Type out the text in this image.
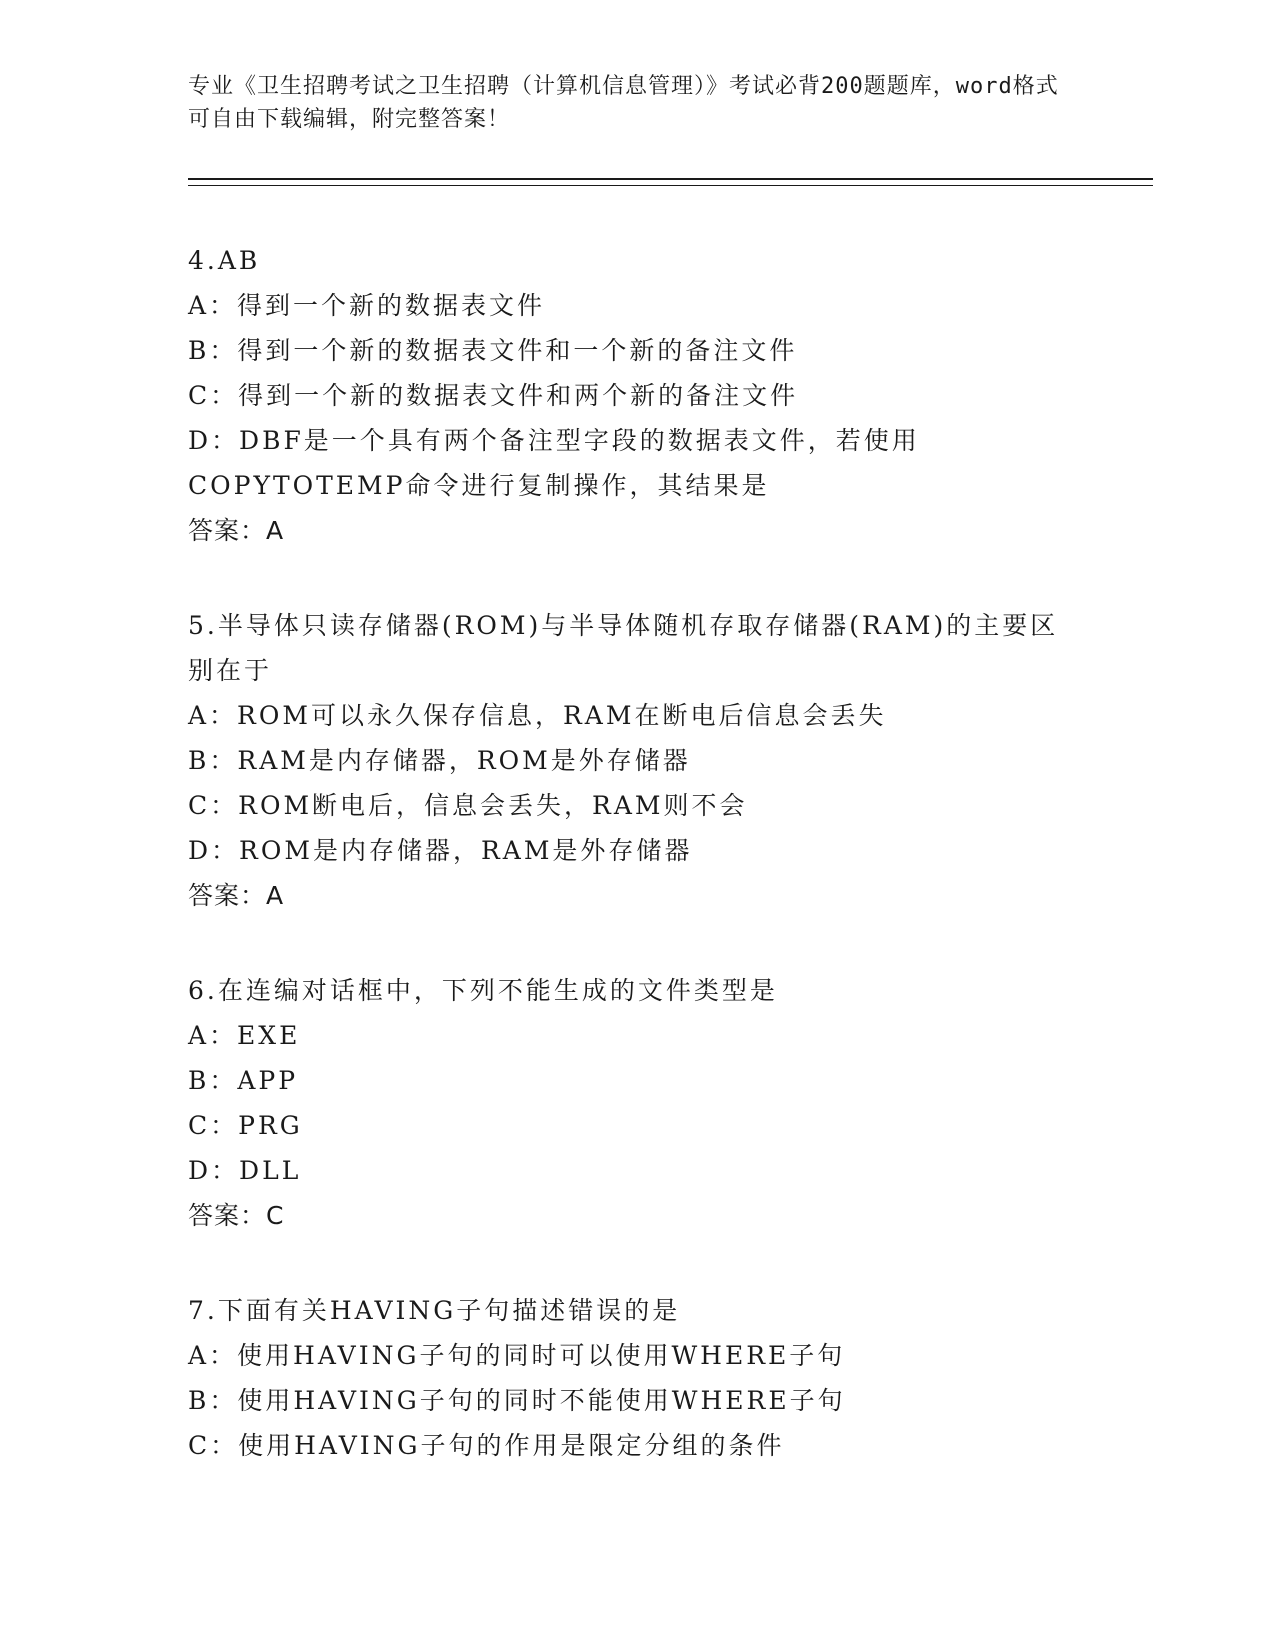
专业《卫生招聘考试之卫生招聘（计算机信息管理）》考试必背200题题库，word格式可自由下载编辑，附完整答案！

4.AB

A：得到一个新的数据表文件

B：得到一个新的数据表文件和一个新的备注文件

C：得到一个新的数据表文件和两个新的备注文件

D：DBF是一个具有两个备注型字段的数据表文件，若使用COPYTOTEMP命令进行复制操作，其结果是

答案：A

5.半导体只读存储器(ROM)与半导体随机存取存储器(RAM)的主要区别在于

A：ROM可以永久保存信息，RAM在断电后信息会丢失

B：RAM是内存储器，ROM是外存储器

C：ROM断电后，信息会丢失，RAM则不会

D：ROM是内存储器，RAM是外存储器

答案：A

6.在连编对话框中，下列不能生成的文件类型是

A：EXE

B：APP

C：PRG

D：DLL

答案：C

7.下面有关HAVING子句描述错误的是

A：使用HAVING子句的同时可以使用WHERE子句

B：使用HAVING子句的同时不能使用WHERE子句

C：使用HAVING子句的作用是限定分组的条件
